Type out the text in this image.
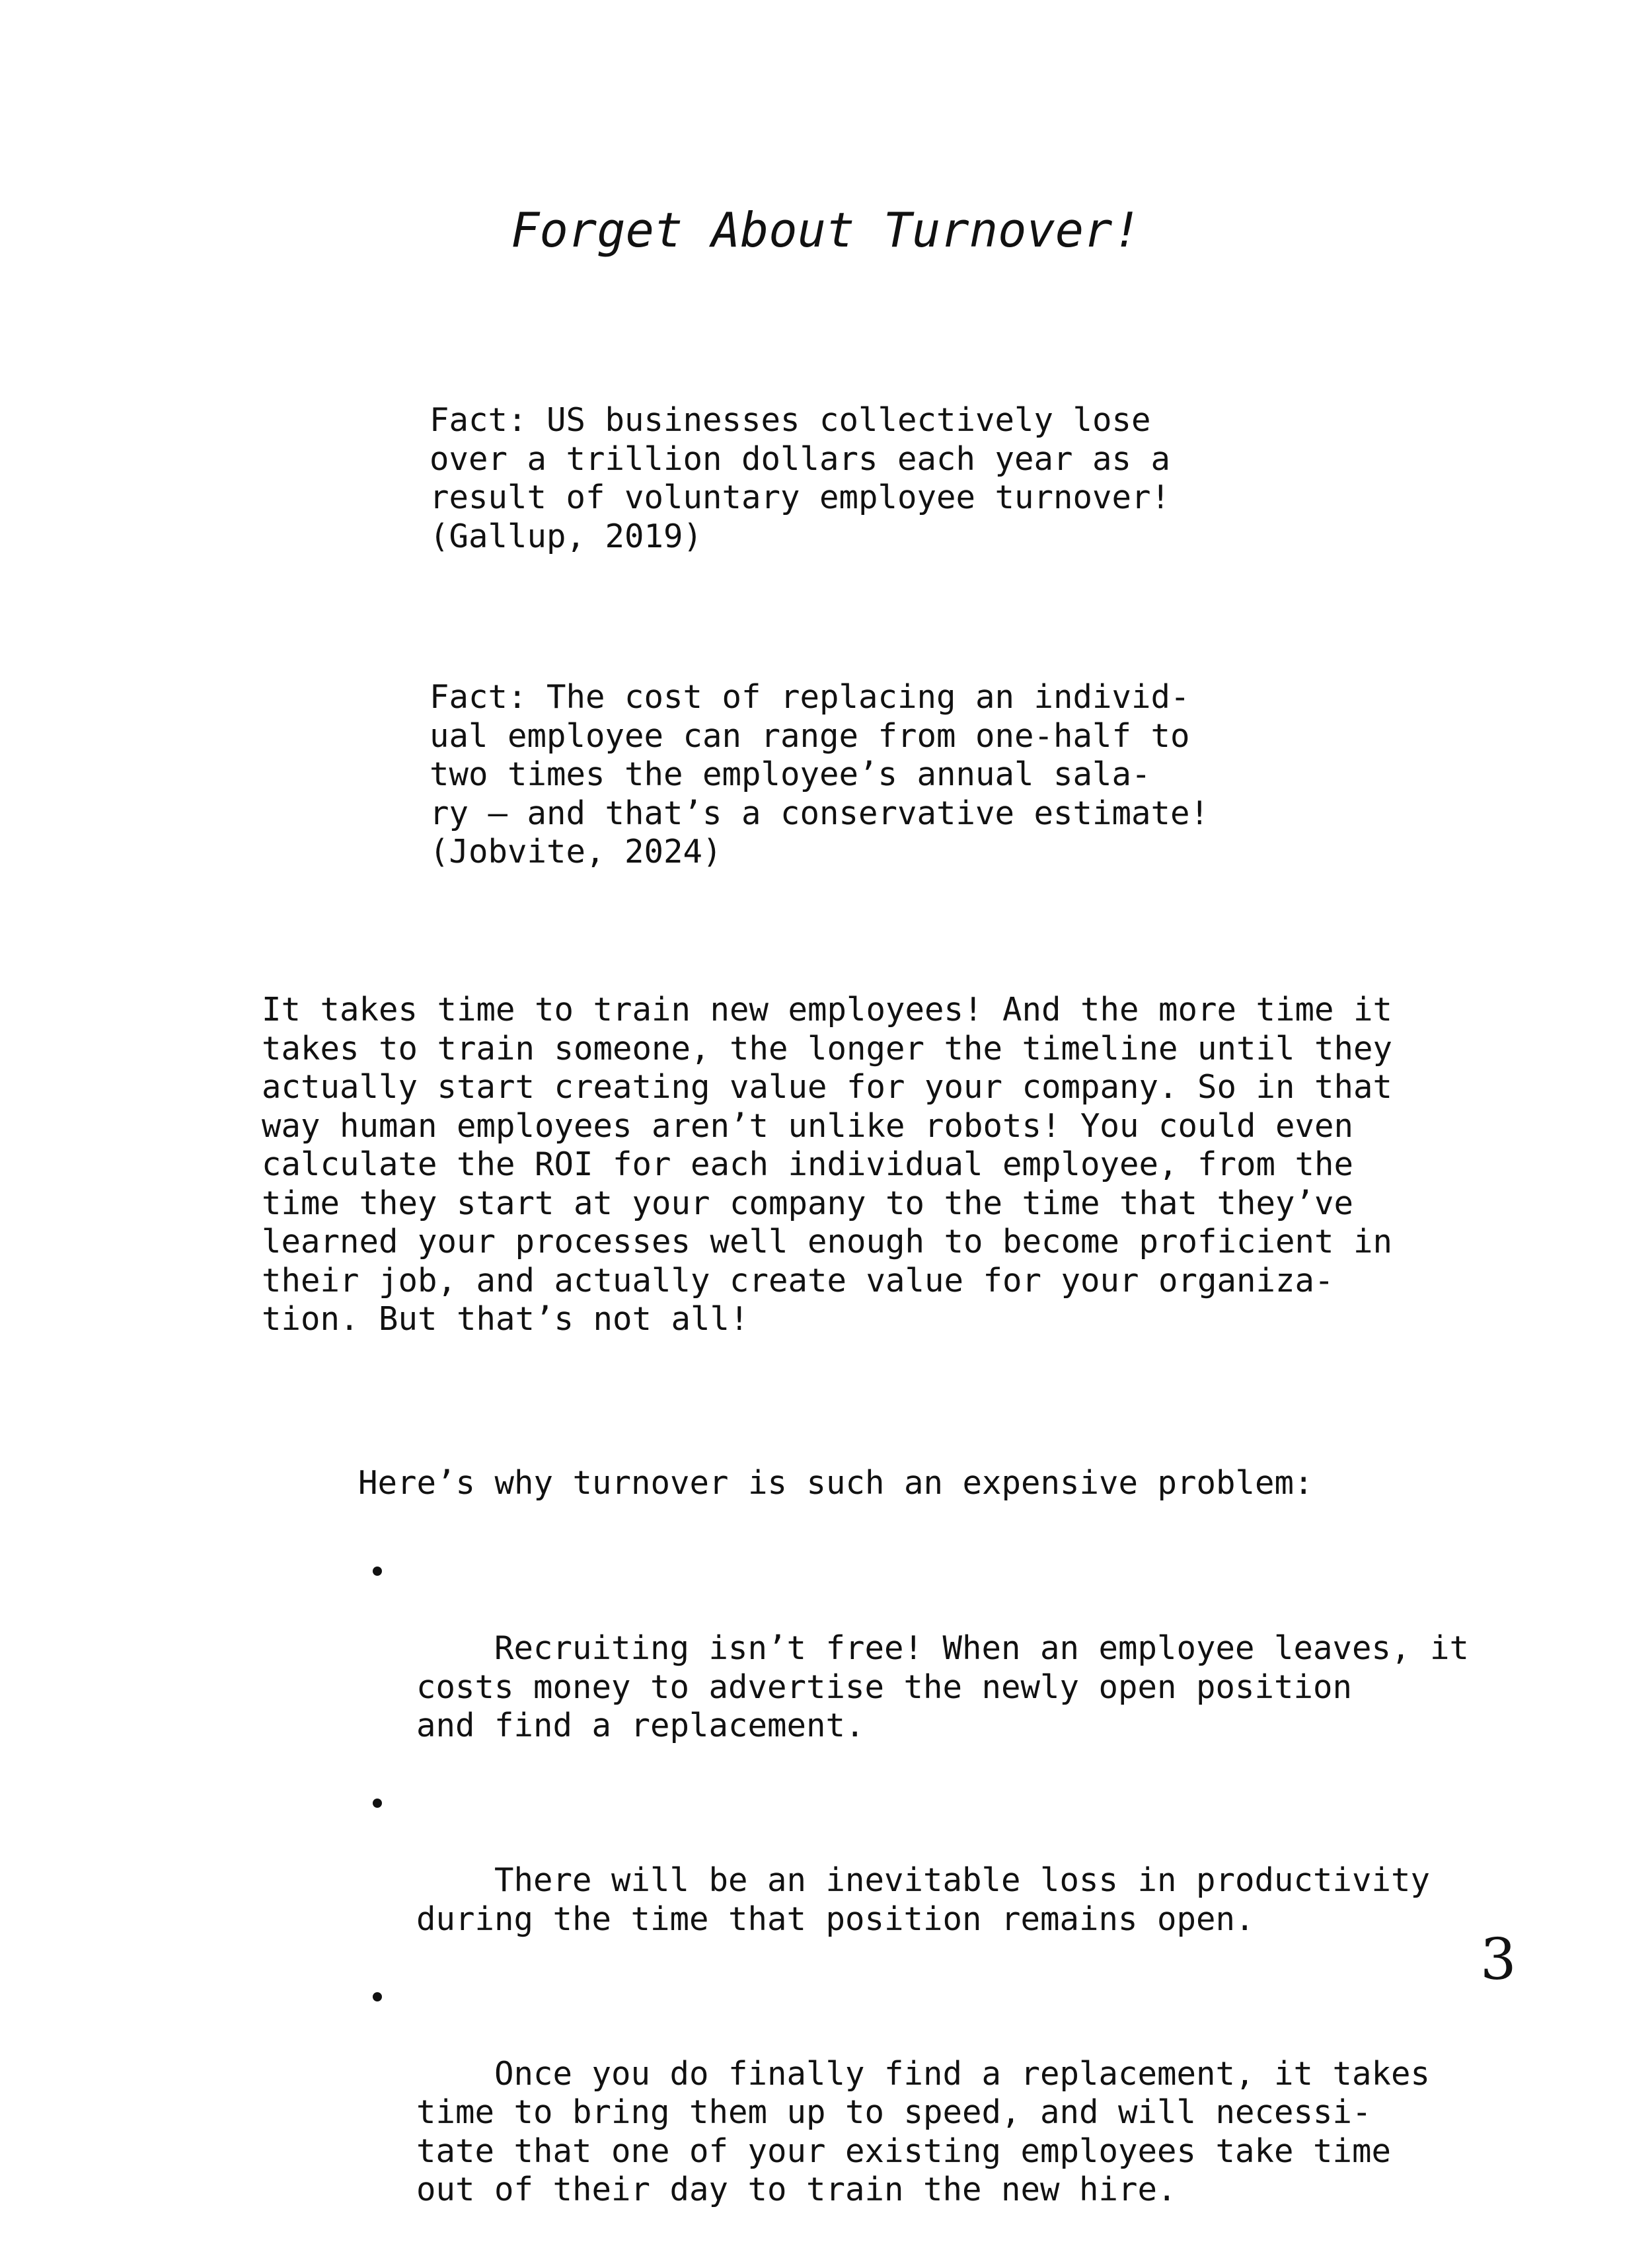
Forget About Turnover!

Fact: US businesses collectively lose
over a trillion dollars each year as a
result of voluntary employee turnover!
(Gallup, 2019)

Fact: The cost of replacing an individ-
ual employee can range from one-half to
two times the employee’s annual sala-
ry — and that’s a conservative estimate!
(Jobvite, 2024)

It takes time to train new employees! And the more time it
takes to train someone, the longer the timeline until they
actually start creating value for your company. So in that
way human employees aren’t unlike robots! You could even
calculate the ROI for each individual employee, from the
time they start at your company to the time that they’ve
learned your processes well enough to become proficient in
their job, and actually create value for your organiza-
tion. But that’s not all!

Here’s why turnover is such an expensive problem:

Recruiting isn’t free! When an employee leaves, it
costs money to advertise the newly open position
and find a replacement.

There will be an inevitable loss in productivity
during the time that position remains open.

Once you do finally find a replacement, it takes
time to bring them up to speed, and will necessi-
tate that one of your existing employees take time
out of their day to train the new hire.

3
